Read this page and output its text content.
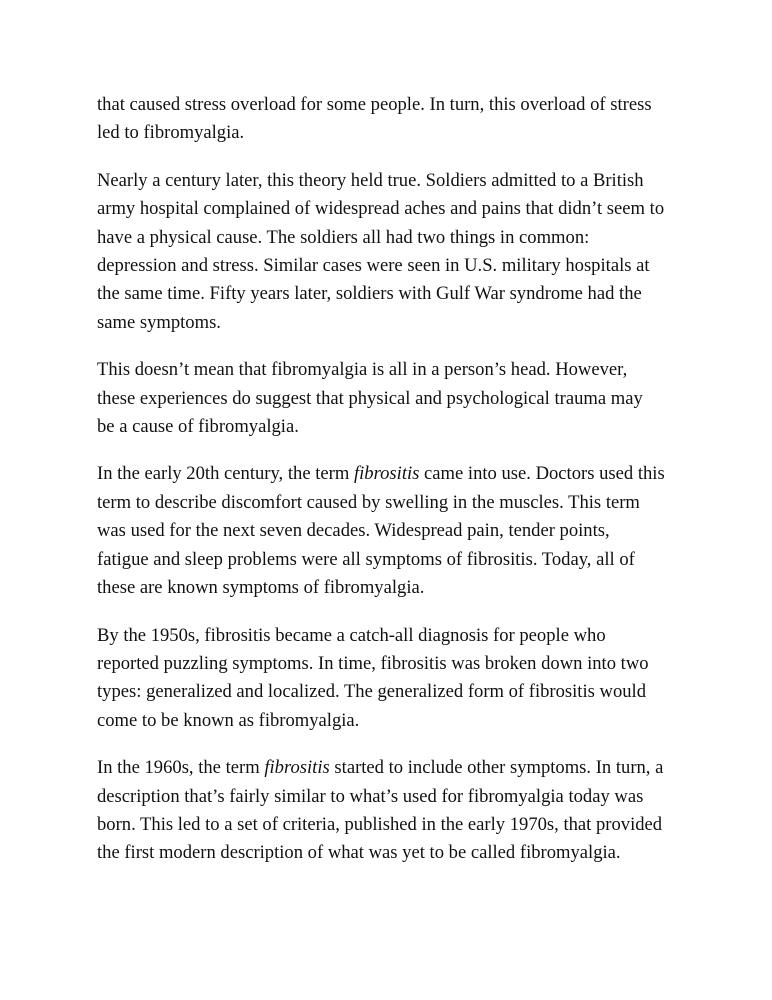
that caused stress overload for some people. In turn, this overload of stress
led to fibromyalgia.

Nearly a century later, this theory held true. Soldiers admitted to a British
army hospital complained of widespread aches and pains that didn’t seem to
have a physical cause. The soldiers all had two things in common:
depression and stress. Similar cases were seen in U.S. military hospitals at
the same time. Fifty years later, soldiers with Gulf War syndrome had the
same symptoms.

This doesn’t mean that fibromyalgia is all in a person’s head. However,
these experiences do suggest that physical and psychological trauma may
be a cause of fibromyalgia.

In the early 20th century, the term fibrositis came into use. Doctors used this
term to describe discomfort caused by swelling in the muscles. This term
was used for the next seven decades. Widespread pain, tender points,
fatigue and sleep problems were all symptoms of fibrositis. Today, all of
these are known symptoms of fibromyalgia.

By the 1950s, fibrositis became a catch-all diagnosis for people who
reported puzzling symptoms. In time, fibrositis was broken down into two
types: generalized and localized. The generalized form of fibrositis would
come to be known as fibromyalgia.

In the 1960s, the term fibrositis started to include other symptoms. In turn, a
description that’s fairly similar to what’s used for fibromyalgia today was
born. This led to a set of criteria, published in the early 1970s, that provided
the first modern description of what was yet to be called fibromyalgia.
